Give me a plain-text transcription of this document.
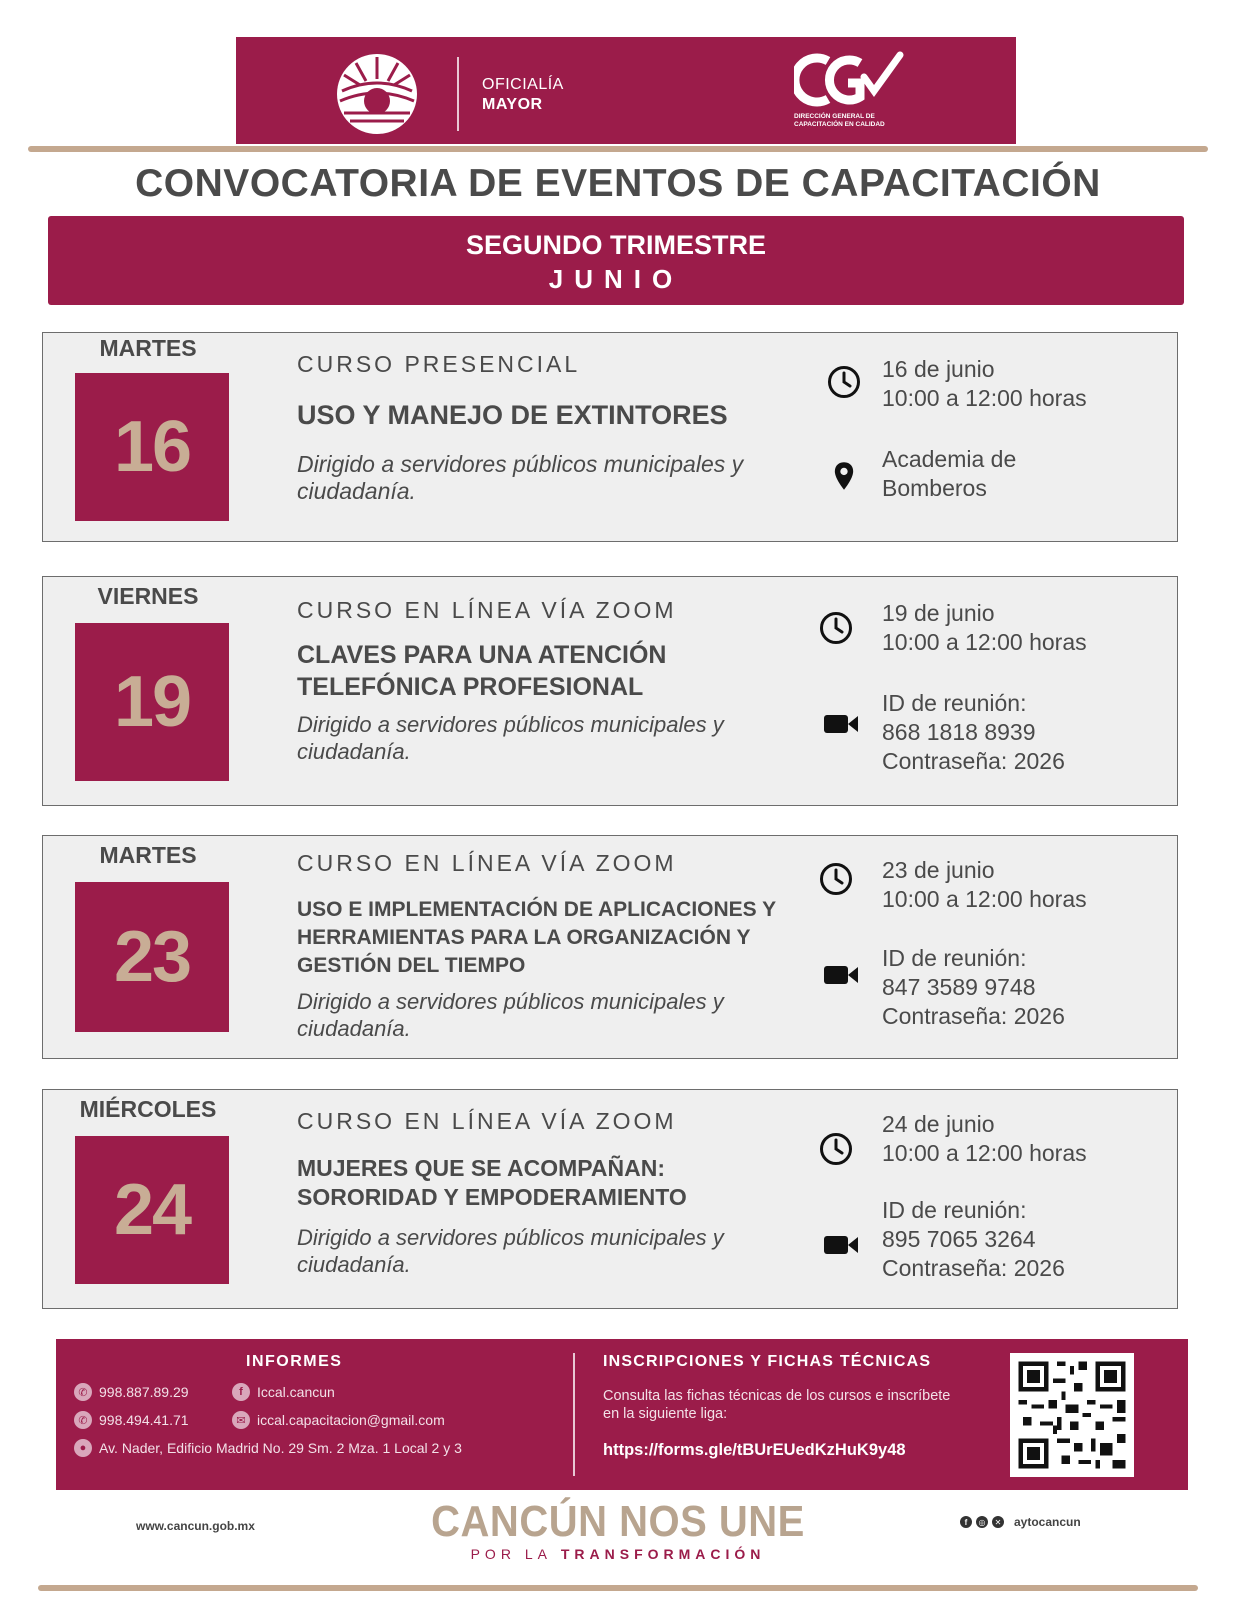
OFICIALÍA
MAYOR
DIRECCIÓN GENERAL DE
CAPACITACIÓN EN CALIDAD
CONVOCATORIA DE EVENTOS DE CAPACITACIÓN
SEGUNDO TRIMESTRE
JUNIO
MARTES
16
CURSO PRESENCIAL
USO Y MANEJO DE EXTINTORES
Dirigido a servidores públicos municipales y ciudadanía.
16 de junio
10:00 a 12:00 horas
Academia de
Bomberos
VIERNES
19
CURSO EN LÍNEA VÍA ZOOM
CLAVES PARA UNA ATENCIÓN TELEFÓNICA PROFESIONAL
Dirigido a servidores públicos municipales y ciudadanía.
19 de junio
10:00 a 12:00 horas
ID de reunión:
868 1818 8939
Contraseña: 2026
MARTES
23
CURSO EN LÍNEA VÍA ZOOM
USO E IMPLEMENTACIÓN DE APLICACIONES Y HERRAMIENTAS PARA LA ORGANIZACIÓN Y GESTIÓN DEL TIEMPO
Dirigido a servidores públicos municipales y ciudadanía.
23 de junio
10:00 a 12:00 horas
ID de reunión:
847 3589 9748
Contraseña: 2026
MIÉRCOLES
24
CURSO EN LÍNEA VÍA ZOOM
MUJERES QUE SE ACOMPAÑAN: SORORIDAD Y EMPODERAMIENTO
Dirigido a servidores públicos municipales y ciudadanía.
24 de junio
10:00 a 12:00 horas
ID de reunión:
895 7065 3264
Contraseña: 2026
INFORMES
✆ 998.887.89.29	f	Iccal.cancun
✆ 998.494.41.71	✉ iccal.capacitacion@gmail.com
● Av. Nader, Edificio Madrid No. 29 Sm. 2 Mza. 1 Local 2 y 3
INSCRIPCIONES Y FICHAS TÉCNICAS
Consulta las fichas técnicas de los cursos e inscríbete en la siguiente liga:
https://forms.gle/tBUrEUedKzHuK9y48
www.cancun.gob.mx	CANCÚN NOS UNE
POR LA TRANSFORMACIÓN
f	◎	✕ aytocancun
